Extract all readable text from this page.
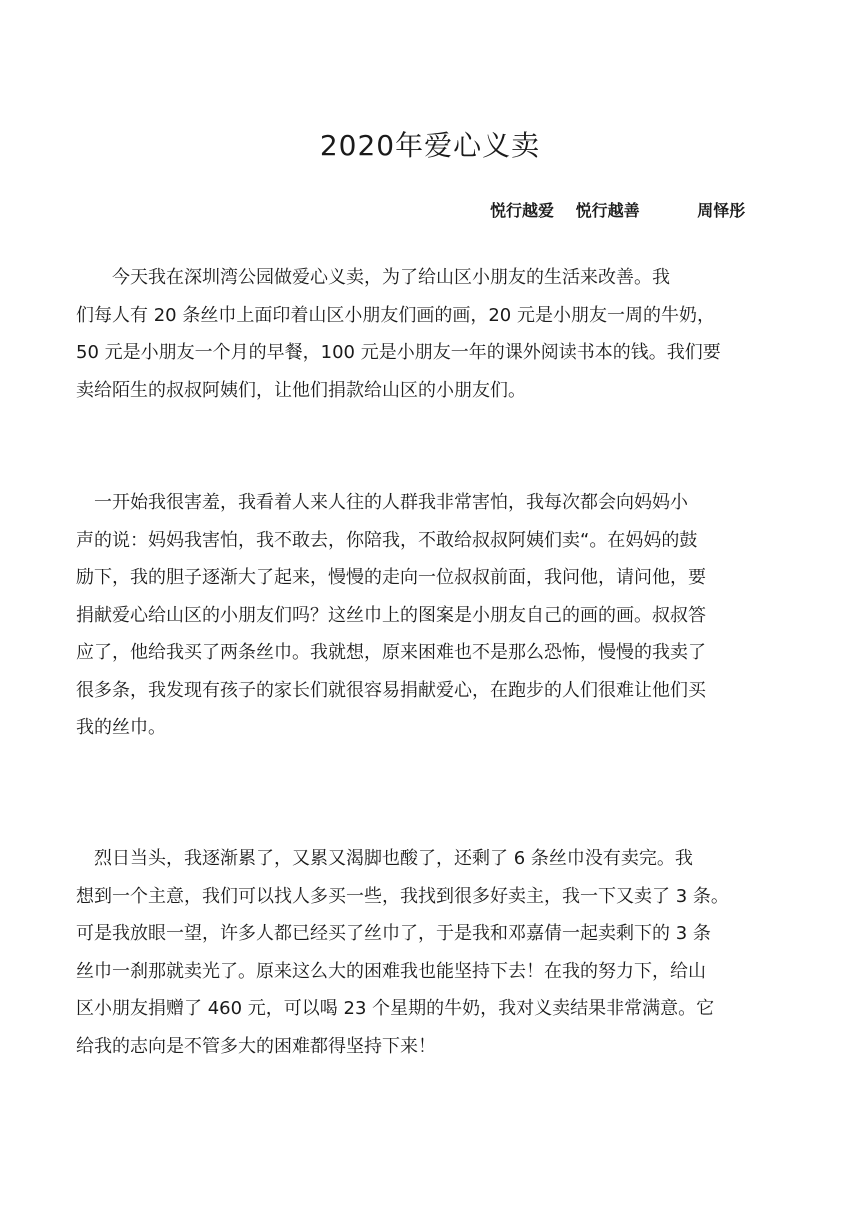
2020年爱心义卖
悦行越爱 悦行越善	周怿彤

　　今天我在深圳湾公园做爱心义卖，为了给山区小朋友的生活来改善。我
们每人有 20 条丝巾上面印着山区小朋友们画的画，20 元是小朋友一周的牛奶，
50 元是小朋友一个月的早餐，100 元是小朋友一年的课外阅读书本的钱。我们要
卖给陌生的叔叔阿姨们，让他们捐款给山区的小朋友们。

　一开始我很害羞，我看着人来人往的人群我非常害怕，我每次都会向妈妈小
声的说：妈妈我害怕，我不敢去，你陪我，不敢给叔叔阿姨们卖“。在妈妈的鼓
励下，我的胆子逐渐大了起来，慢慢的走向一位叔叔前面，我问他，请问他，要
捐献爱心给山区的小朋友们吗？这丝巾上的图案是小朋友自己的画的画。叔叔答
应了，他给我买了两条丝巾。我就想，原来困难也不是那么恐怖，慢慢的我卖了
很多条，我发现有孩子的家长们就很容易捐献爱心，在跑步的人们很难让他们买
我的丝巾。

　烈日当头，我逐渐累了，又累又渴脚也酸了，还剩了 6 条丝巾没有卖完。我
想到一个主意，我们可以找人多买一些，我找到很多好卖主，我一下又卖了 3 条。
可是我放眼一望，许多人都已经买了丝巾了，于是我和邓嘉倩一起卖剩下的 3 条
丝巾一刹那就卖光了。原来这么大的困难我也能坚持下去！在我的努力下，给山
区小朋友捐赠了 460 元，可以喝 23 个星期的牛奶，我对义卖结果非常满意。它
给我的志向是不管多大的困难都得坚持下来！
